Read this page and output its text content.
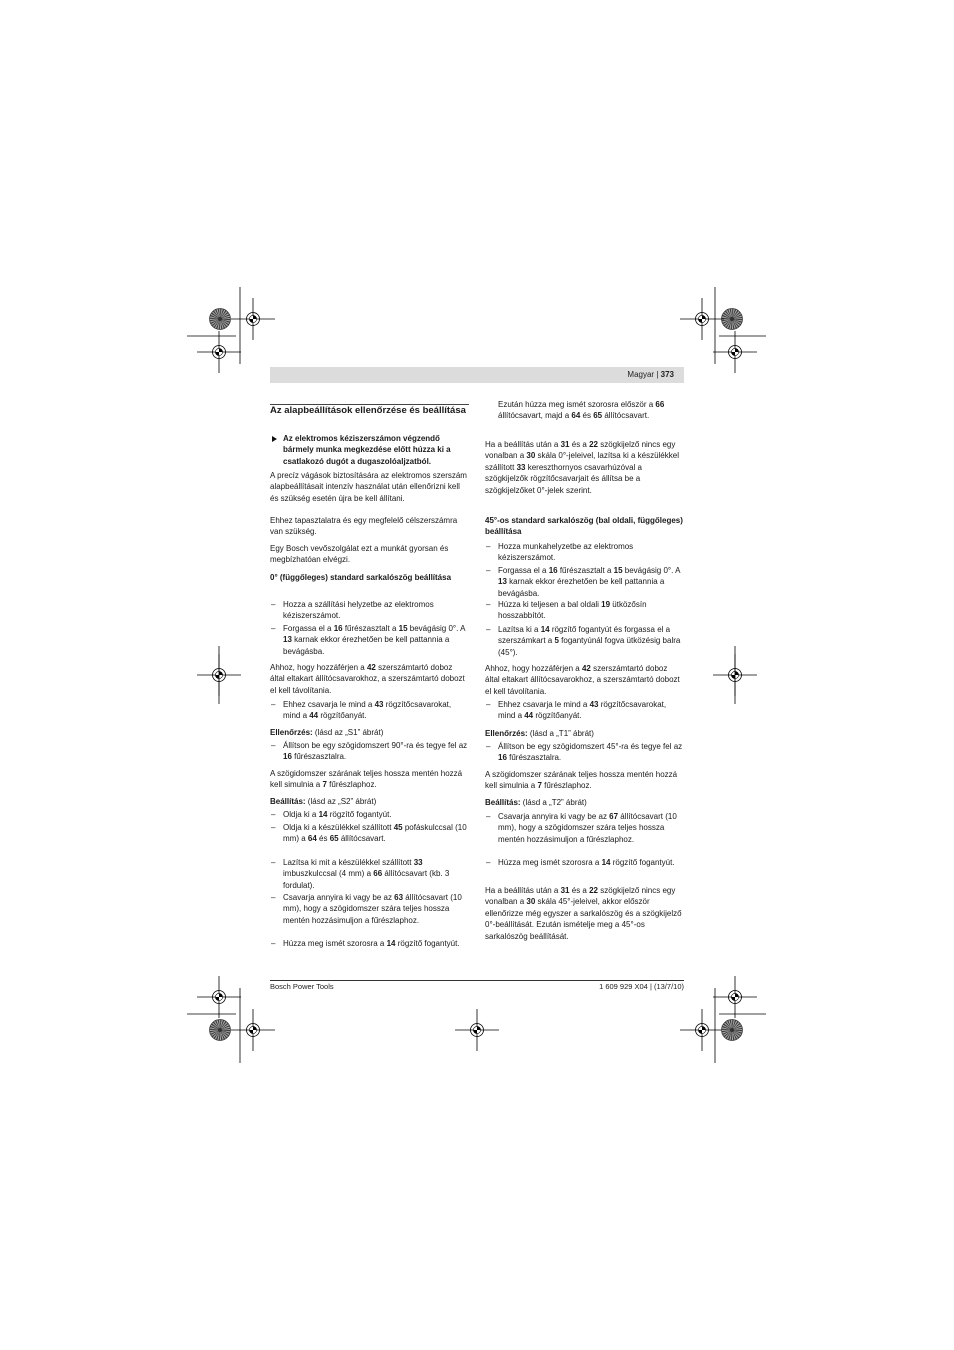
Magyar | 373
Az alapbeállítások ellenőrzése és beállítása
Az elektromos kéziszerszámon végzendő bármely munka megkezdése előtt húzza ki a csatlakozó dugót a dugaszolóaljzatból.
A precíz vágások biztosítására az elektromos szerszám alapbeállításait intenzív használat után ellenőrizni kell és szükség esetén újra be kell állítani.
Ehhez tapasztalatra és egy megfelelő célszerszámra van szükség.
Egy Bosch vevőszolgálat ezt a munkát gyorsan és megbízhatóan elvégzi.
0° (függőleges) standard sarkalószög beállítása
– Hozza a szállítási helyzetbe az elektromos kéziszerszámot.
– Forgassa el a 16 fűrészasztalt a 15 bevágásig 0°. A 13 karnak ekkor érezhetően be kell pattannia a bevágásba.
Ahhoz, hogy hozzáférjen a 42 szerszámtartó doboz által eltakart állítócsavarokhoz, a szerszámtartó dobozt el kell távolítania.
– Ehhez csavarja le mind a 43 rögzítőcsavarokat, mind a 44 rögzítőanyát.
Ellenőrzés: (lásd az „S1” ábrát)
– Állítson be egy szögidomszert 90°-ra és tegye fel az 16 fűrészasztalra.
A szögidomszer szárának teljes hossza mentén hozzá kell simulnia a 7 fűrészlaphoz.
Beállítás: (lásd az „S2” ábrát)
– Oldja ki a 14 rögzítő fogantyút.
– Oldja ki a készülékkel szállított 45 pofáskulccsal (10 mm) a 64 és 65 állítócsavart.
– Lazítsa ki mit a készülékkel szállított 33 imbuszkulccsal (4 mm) a 66 állítócsavart (kb. 3 fordulat).
– Csavarja annyira ki vagy be az 63 állítócsavart (10 mm), hogy a szögidomszer szára teljes hossza mentén hozzásimuljon a fűrészlaphoz.
– Húzza meg ismét szorosra a 14 rögzítő fogantyút.
Ezután húzza meg ismét szorosra először a 66 állítócsavart, majd a 64 és 65 állítócsavart.
Ha a beállítás után a 31 és a 22 szögkijelző nincs egy vonalban a 30 skála 0°-jeleivel, lazítsa ki a készülékkel szállított 33 kereszthornyos csavarhúzóval a szögkijelzők rögzítőcsavarjait és állítsa be a szögkijelzőket 0°-jelek szerint.
45°-os standard sarkalószög (bal oldali, függőleges) beállítása
– Hozza munkahelyzetbe az elektromos kéziszerszámot.
– Forgassa el a 16 fűrészasztalt a 15 bevágásig 0°. A 13 karnak ekkor érezhetően be kell pattannia a bevágásba.
– Húzza ki teljesen a bal oldali 19 ütközősín hosszabbítót.
– Lazítsa ki a 14 rögzítő fogantyút és forgassa el a szerszámkart a 5 fogantyúnál fogva ütközésig balra (45°).
Ahhoz, hogy hozzáférjen a 42 szerszámtartó doboz által eltakart állítócsavarokhoz, a szerszámtartó dobozt el kell távolítania.
– Ehhez csavarja le mind a 43 rögzítőcsavarokat, mind a 44 rögzítőanyát.
Ellenőrzés: (lásd a „T1” ábrát)
– Állítson be egy szögidomszert 45°-ra és tegye fel az 16 fűrészasztalra.
A szögidomszer szárának teljes hossza mentén hozzá kell simulnia a 7 fűrészlaphoz.
Beállítás: (lásd a „T2” ábrát)
– Csavarja annyira ki vagy be az 67 állítócsavart (10 mm), hogy a szögidomszer szára teljes hossza mentén hozzásimuljon a fűrészlaphoz.
– Húzza meg ismét szorosra a 14 rögzítő fogantyút.
Ha a beállítás után a 31 és a 22 szögkijelző nincs egy vonalban a 30 skála 45°-jeleivel, akkor először ellenőrizze még egyszer a sarkalószög és a szögkijelző 0°-beállítását. Ezután ismételje meg a 45°-os sarkalószög beállítását.
Bosch Power Tools	1 609 929 X04 | (13/7/10)
